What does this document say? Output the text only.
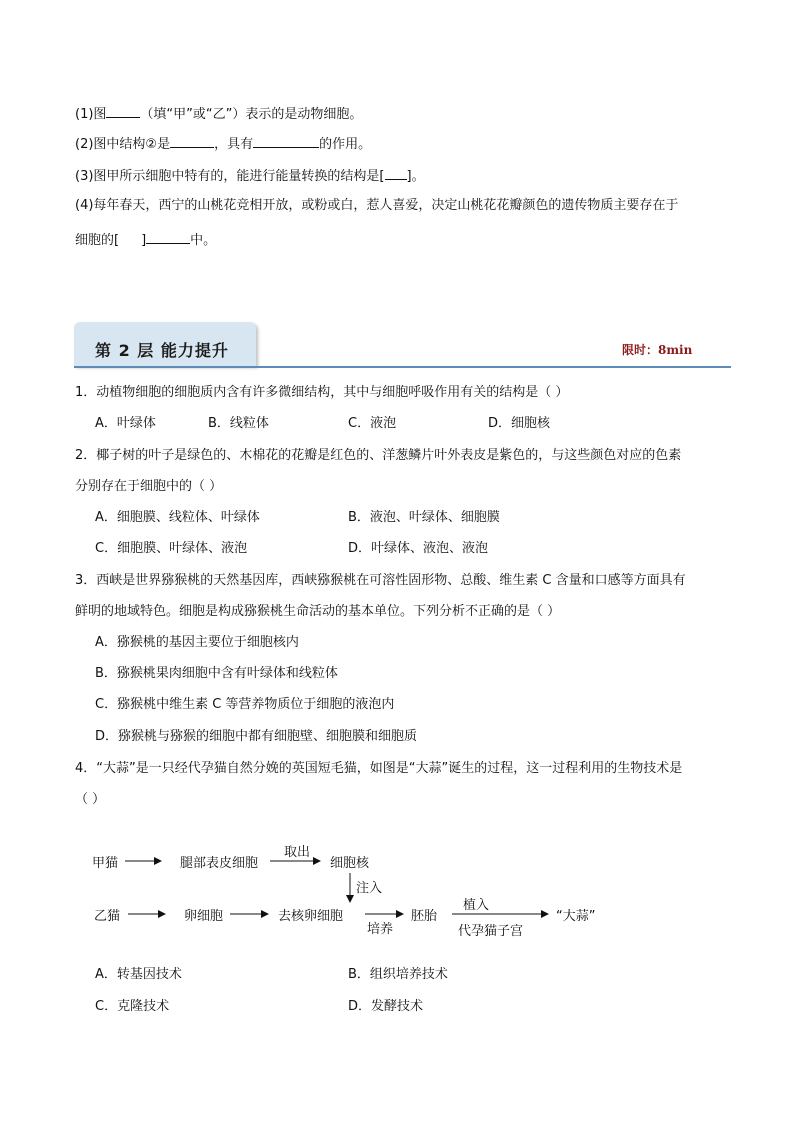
(1)图	（填“甲”或“乙”）表示的是动物细胞。
(2)图中结构②是	，具有	的作用。
(3)图甲所示细胞中特有的，能进行能量转换的结构是[ ]。
(4)每年春天，西宁的山桃花竞相开放，或粉或白，惹人喜爱，决定山桃花花瓣颜色的遗传物质主要存在于
细胞的[ ]	中。
第 2 层 能力提升	限时：8min
1．动植物细胞的细胞质内含有许多微细结构，其中与细胞呼吸作用有关的结构是（ ）
A．叶绿体	B．线粒体	C．液泡	D．细胞核
2．椰子树的叶子是绿色的、木棉花的花瓣是红色的、洋葱鳞片叶外表皮是紫色的，与这些颜色对应的色素
分别存在于细胞中的（ ）
A．细胞膜、线粒体、叶绿体	B．液泡、叶绿体、细胞膜
C．细胞膜、叶绿体、液泡	D．叶绿体、液泡、液泡
3．西峡是世界猕猴桃的天然基因库，西峡猕猴桃在可溶性固形物、总酸、维生素 C 含量和口感等方面具有
鲜明的地域特色。细胞是构成猕猴桃生命活动的基本单位。下列分析不正确的是（ ）
A．猕猴桃的基因主要位于细胞核内
B．猕猴桃果肉细胞中含有叶绿体和线粒体
C．猕猴桃中维生素 C 等营养物质位于细胞的液泡内
D．猕猴桃与猕猴的细胞中都有细胞壁、细胞膜和细胞质
4．“大蒜”是一只经代孕猫自然分娩的英国短毛猫，如图是“大蒜”诞生的过程，这一过程利用的生物技术是
（ ）
甲猫	腿部表皮细胞
取出
细胞核
注入
乙猫	卵细胞	去核卵细胞
培养
胚胎
植入
代孕猫子宫
“大蒜”
A．转基因技术	B．组织培养技术
C．克隆技术	D．发酵技术
